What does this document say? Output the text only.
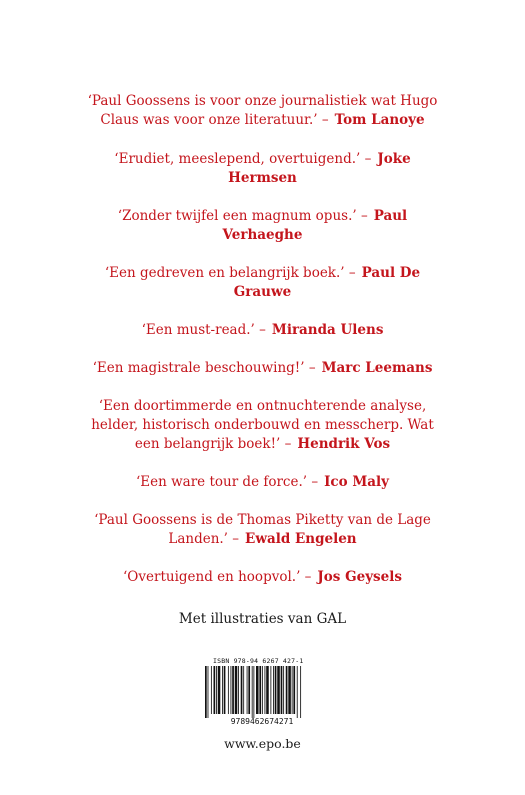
‘Paul Goossens is voor onze journalistiek wat Hugo Claus was voor onze literatuur.’ – Tom Lanoye

‘Erudiet, meeslepend, overtuigend.’ – Joke Hermsen

‘Zonder twijfel een magnum opus.’ – Paul Verhaeghe

‘Een gedreven en belangrijk boek.’ – Paul De Grauwe

‘Een must-read.’ – Miranda Ulens

‘Een magistrale beschouwing!’ – Marc Leemans

‘Een doortimmerde en ontnuchterende analyse, helder, historisch onderbouwd en messcherp. Wat een belangrijk boek!’ – Hendrik Vos

‘Een ware tour de force.’ – Ico Maly

‘Paul Goossens is de Thomas Piketty van de Lage Landen.’ – Ewald Engelen

‘Overtuigend en hoopvol.’ – Jos Geysels

Met illustraties van GAL
ISBN 978-94 6267 427-1
9789462674271
www.epo.be
